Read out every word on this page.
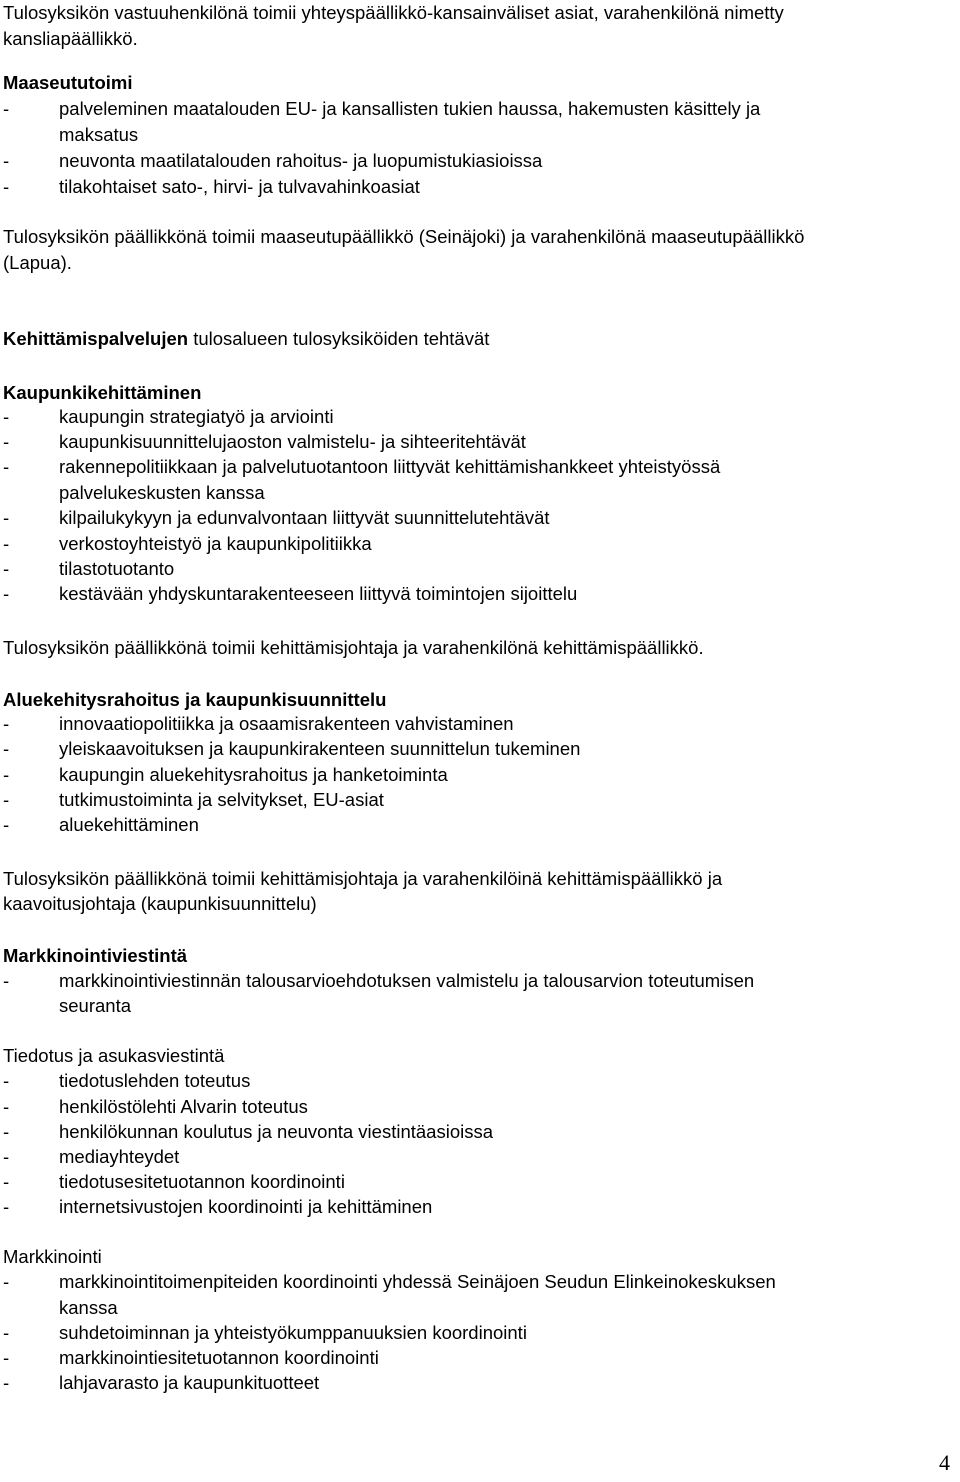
Tulosyksikön vastuuhenkilönä toimii yhteyspäällikkö-kansainväliset asiat, varahenkilönä nimetty
kansliapäällikkö.
Maaseututoimi
-	palveleminen maatalouden EU- ja kansallisten tukien haussa, hakemusten käsittely ja
maksatus
-	neuvonta maatilatalouden rahoitus- ja luopumistukiasioissa
-	tilakohtaiset sato-, hirvi- ja tulvavahinkoasiat
Tulosyksikön päällikkönä toimii maaseutupäällikkö (Seinäjoki) ja varahenkilönä maaseutupäällikkö
(Lapua).
Kehittämispalvelujen tulosalueen tulosyksiköiden tehtävät
Kaupunkikehittäminen
-	kaupungin strategiatyö ja arviointi
-	kaupunkisuunnittelujaoston valmistelu- ja sihteeritehtävät
-	rakennepolitiikkaan ja palvelutuotantoon liittyvät kehittämishankkeet yhteistyössä
palvelukeskusten kanssa
-	kilpailukykyyn ja edunvalvontaan liittyvät suunnittelutehtävät
-	verkostoyhteistyö ja kaupunkipolitiikka
-	tilastotuotanto
-	kestävään yhdyskuntarakenteeseen liittyvä toimintojen sijoittelu
Tulosyksikön päällikkönä toimii kehittämisjohtaja ja varahenkilönä kehittämispäällikkö.
Aluekehitysrahoitus ja kaupunkisuunnittelu
-	innovaatiopolitiikka ja osaamisrakenteen vahvistaminen
-	yleiskaavoituksen ja kaupunkirakenteen suunnittelun tukeminen
-	kaupungin aluekehitysrahoitus ja hanketoiminta
-	tutkimustoiminta ja selvitykset, EU-asiat
-	aluekehittäminen
Tulosyksikön päällikkönä toimii kehittämisjohtaja ja varahenkilöinä kehittämispäällikkö ja
kaavoitusjohtaja (kaupunkisuunnittelu)
Markkinointiviestintä
-	markkinointiviestinnän talousarvioehdotuksen valmistelu ja talousarvion toteutumisen
seuranta
Tiedotus ja asukasviestintä
-	tiedotuslehden toteutus
-	henkilöstölehti Alvarin toteutus
-	henkilökunnan koulutus ja neuvonta viestintäasioissa
-	mediayhteydet
-	tiedotusesitetuotannon koordinointi
-	internetsivustojen koordinointi ja kehittäminen
Markkinointi
-	markkinointitoimenpiteiden koordinointi yhdessä Seinäjoen Seudun Elinkeinokeskuksen
kanssa
-	suhdetoiminnan ja yhteistyökumppanuuksien koordinointi
-	markkinointiesitetuotannon koordinointi
-	lahjavarasto ja kaupunkituotteet
4
